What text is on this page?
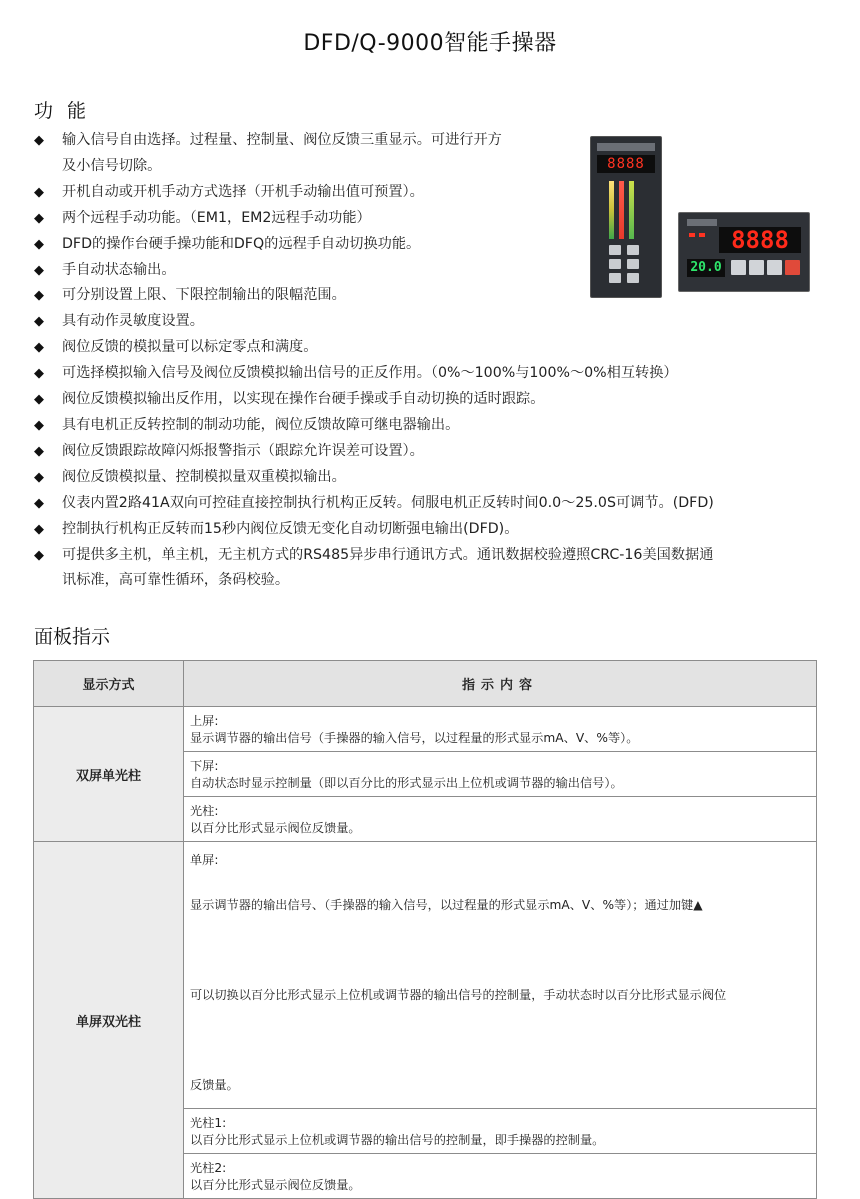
DFD/Q-9000智能手操器
功能
◆ 输入信号自由选择。过程量、控制量、阀位反馈三重显示。可进行开方
及小信号切除。
◆ 开机自动或开机手动方式选择（开机手动输出值可预置）。
◆ 两个远程手动功能。（EM1，EM2远程手动功能）
◆ DFD的操作台硬手操功能和DFQ的远程手自动切换功能。
◆ 手自动状态输出。
◆ 可分别设置上限、下限控制输出的限幅范围。
◆ 具有动作灵敏度设置。
◆ 阀位反馈的模拟量可以标定零点和满度。
◆ 可选择模拟输入信号及阀位反馈模拟输出信号的正反作用。（0%～100%与100%～0%相互转换）
◆ 阀位反馈模拟输出反作用，以实现在操作台硬手操或手自动切换的适时跟踪。
◆ 具有电机正反转控制的制动功能，阀位反馈故障可继电器输出。
◆ 阀位反馈跟踪故障闪烁报警指示（跟踪允许误差可设置）。
◆ 阀位反馈模拟量、控制模拟量双重模拟输出。
◆ 仪表内置2路41A双向可控硅直接控制执行机构正反转。伺服电机正反转时间0.0～25.0S可调节。(DFD)
◆ 控制执行机构正反转而15秒内阀位反馈无变化自动切断强电输出(DFD)。
◆ 可提供多主机，单主机，无主机方式的RS485异步串行通讯方式。通讯数据校验遵照CRC-16美国数据通
讯标准，高可靠性循环，条码校验。
8888
8888
20.0
面板指示
显示方式	指示内容
双屏单光柱	上屏:显示调节器的输出信号（手操器的输入信号，以过程量的形式显示mA、V、%等）。
	下屏:自动状态时显示控制量（即以百分比的形式显示出上位机或调节器的输出信号）。
	光柱:以百分比形式显示阀位反馈量。
单屏双光柱	单屏:显示调节器的输出信号、（手操器的输入信号，以过程量的形式显示mA、V、%等）；通过加键▲
可以切换以百分比形式显示上位机或调节器的输出信号的控制量，手动状态时以百分比形式显示阀位
反馈量。

	光柱1:以百分比形式显示上位机或调节器的输出信号的控制量，即手操器的控制量。
	光柱2:以百分比形式显示阀位反馈量。
